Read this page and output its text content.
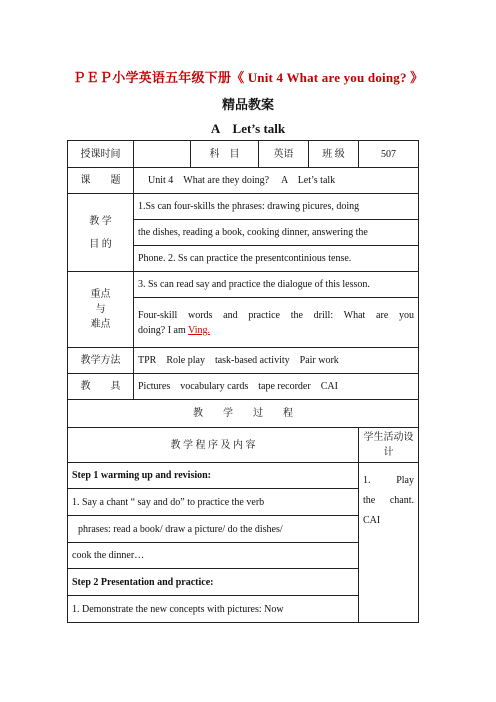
ＰＥＰ小学英语五年级下册《 Unit 4 What are you doing? 》
精品教案
A　Let’s talk
授课时间		科　目	英语	班 级	507
课　　题	Unit 4　What are they doing?　 A　Let’s talk				

教 学
目 的	1.Ss can four-skills the phrases: drawing picures, doing				
	the dishes, reading a book, cooking dinner, answering the				
	Phone. 2. Ss can practice the presentcontinious tense.				

重点
与
难点	3. Ss can read say and practice the dialogue of this lesson.				

	Four-skill words and practice the drill: What are you
doing? I am Ving.				

教学方法	TPR　Role play　task-based activity　Pair work				
教　　具	Pictures　vocabulary cards　tape recorder　CAI				
教　　学　　过　　程					
教 学 程 序 及 内 容					学生活动设计
Step 1 warming up and revision:					1.　 Play　 the chant.　CAI
1. Say a chant “ say and do” to practice the verb					
phrases: read a book/ draw a picture/ do the dishes/					
cook the dinner…					
Step 2 Presentation and practice:					
1. Demonstrate the new concepts with pictures: Now					
